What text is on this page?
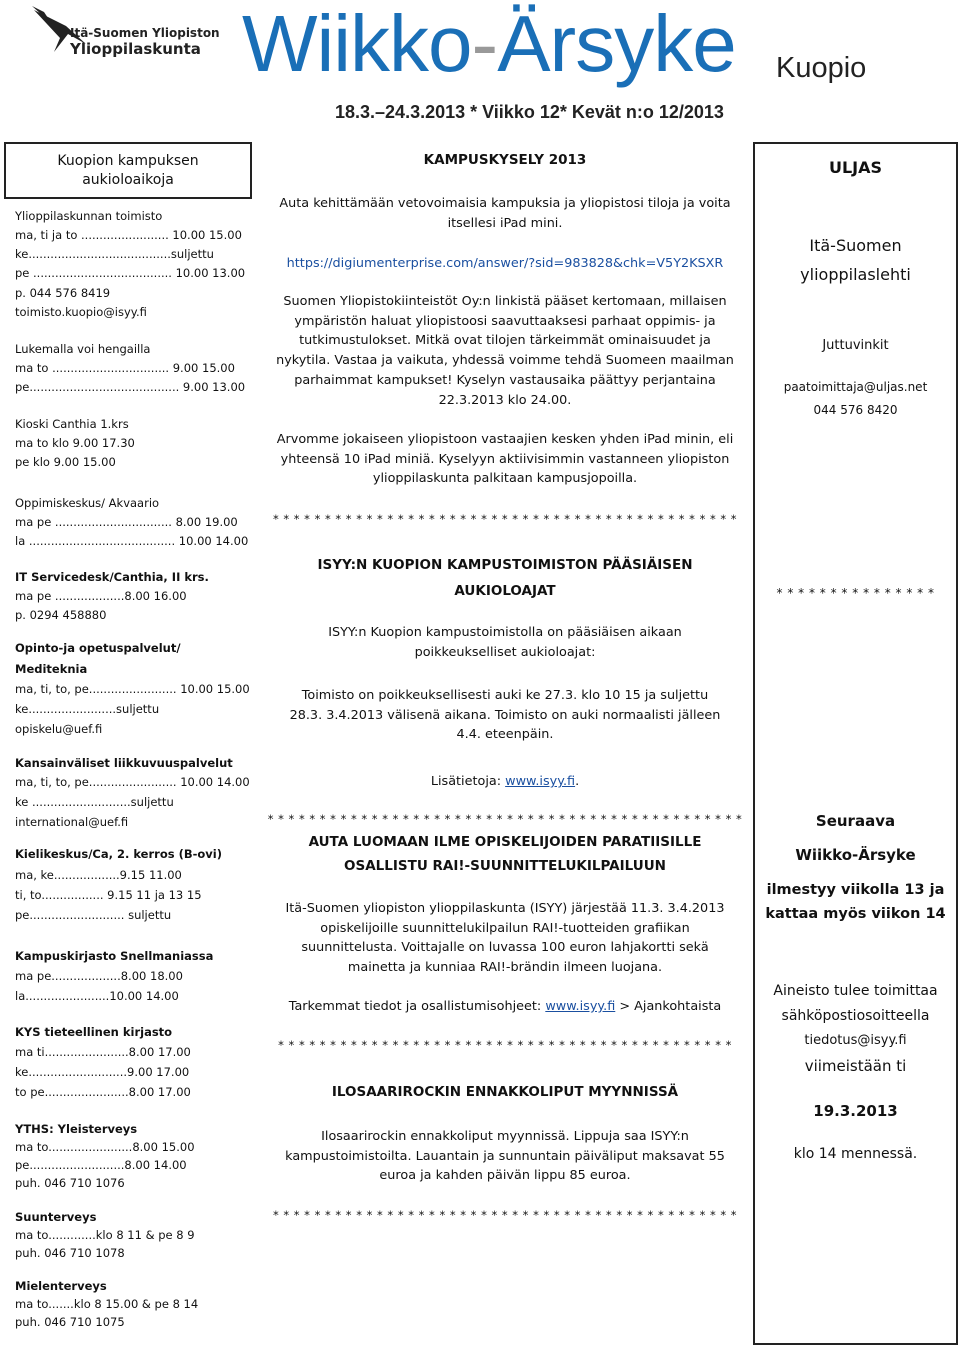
Itä-Suomen Yliopiston
Ylioppilaskunta Wiikko-Ärsyke Kuopio
18.3.–24.3.2013 * Viikko 12* Kevät n:o 12/2013
Kuopion kampuksen
aukioloaikoja
Ylioppilaskunnan toimisto
ma, ti ja to ........................ 10.00 15.00
ke.......................................suljettu
pe ...................................... 10.00 13.00
p. 044 576 8419
toimisto.kuopio@isyy.fi
Lukemalla voi hengailla
ma to ................................ 9.00 15.00
pe......................................... 9.00 13.00
Kioski Canthia 1.krs
ma to klo 9.00 17.30
pe klo 9.00 15.00
Oppimiskeskus/ Akvaario
ma pe ................................ 8.00 19.00
la ........................................ 10.00 14.00
IT Servicedesk/Canthia, II krs.
ma pe ...................8.00 16.00
p. 0294 458880
Opinto-ja opetuspalvelut/
Mediteknia
ma, ti, to, pe........................ 10.00 15.00
ke........................suljettu
opiskelu@uef.fi
Kansainväliset liikkuvuuspalvelut
ma, ti, to, pe........................ 10.00 14.00
ke ...........................suljettu
international@uef.fi
Kielikeskus/Ca, 2. kerros (B-ovi)
ma, ke..................9.15 11.00
ti, to................. 9.15 11 ja 13 15
pe.......................... suljettu
Kampuskirjasto Snellmaniassa
ma pe...................8.00 18.00
la.......................10.00 14.00
KYS tieteellinen kirjasto
ma ti.......................8.00 17.00
ke...........................9.00 17.00
to pe.......................8.00 17.00
YTHS: Yleisterveys
ma to.......................8.00 15.00
pe..........................8.00 14.00
puh. 046 710 1076
Suunterveys
ma to.............klo 8 11 & pe 8 9
puh. 046 710 1078
Mielenterveys
ma to.......klo 8 15.00 & pe 8 14
puh. 046 710 1075
KAMPUSKYSELY 2013
Auta kehittämään vetovoimaisia kampuksia ja yliopistosi tiloja ja voita
itsellesi iPad mini.
https://digiumenterprise.com/answer/?sid=983828&chk=V5Y2KSXR
Suomen Yliopistokiinteistöt Oy:n linkistä pääset kertomaan, millaisen
ympäristön haluat yliopistoosi saavuttaaksesi parhaat oppimis- ja
tutkimustulokset. Mitkä ovat tilojen tärkeimmät ominaisuudet ja
nykytila. Vastaa ja vaikuta, yhdessä voimme tehdä Suomeen maailman
parhaimmat kampukset! Kyselyn vastausaika päättyy perjantaina
22.3.2013 klo 24.00.
Arvomme jokaiseen yliopistoon vastaajien kesken yhden iPad minin, eli
yhteensä 10 iPad miniä. Kyselyyn aktiivisimmin vastanneen yliopiston
ylioppilaskunta palkitaan kampusjopoilla.
* * * * * * * * * * * * * * * * * * * * * * * * * * * * * * * * * * * * * * * * * * * * *
ISYY:N KUOPION KAMPUSTOIMISTON PÄÄSIÄISEN
AUKIOLOAJAT
ISYY:n Kuopion kampustoimistolla on pääsiäisen aikaan
poikkeukselliset aukioloajat:
Toimisto on poikkeuksellisesti auki ke 27.3. klo 10 15 ja suljettu
28.3. 3.4.2013 välisenä aikana. Toimisto on auki normaalisti jälleen
4.4. eteenpäin.
Lisätietoja: www.isyy.fi.
* * * * * * * * * * * * * * * * * * * * * * * * * * * * * * * * * * * * * * * * * * * * * *
AUTA LUOMAAN ILME OPISKELIJOIDEN PARATIISILLE
OSALLISTU RAI!-SUUNNITTELUKILPAILUUN
Itä-Suomen yliopiston ylioppilaskunta (ISYY) järjestää 11.3. 3.4.2013
opiskelijoille suunnittelukilpailun RAI!-tuotteiden grafiikan
suunnittelusta. Voittajalle on luvassa 100 euron lahjakortti sekä
mainetta ja kunniaa RAI!-brändin ilmeen luojana.
Tarkemmat tiedot ja osallistumisohjeet: www.isyy.fi > Ajankohtaista
* * * * * * * * * * * * * * * * * * * * * * * * * * * * * * * * * * * * * * * * * * * *
ILOSAARIROCKIN ENNAKKOLIPUT MYYNNISSÄ
Ilosaarirockin ennakkoliput myynnissä. Lippuja saa ISYY:n
kampustoimistoilta. Lauantain ja sunnuntain päiväliput maksavat 55
euroa ja kahden päivän lippu 85 euroa.
* * * * * * * * * * * * * * * * * * * * * * * * * * * * * * * * * * * * * * * * * * * * *
ULJAS
Itä-Suomen
ylioppilaslehti
Juttuvinkit
paatoimittaja@uljas.net
044 576 8420
* * * * * * * * * * * * * * *
Seuraava
Wiikko-Ärsyke
ilmestyy viikolla 13 ja
kattaa myös viikon 14
Aineisto tulee toimittaa
sähköpostiosoitteella
tiedotus@isyy.fi
viimeistään ti
19.3.2013
klo 14 mennessä.
